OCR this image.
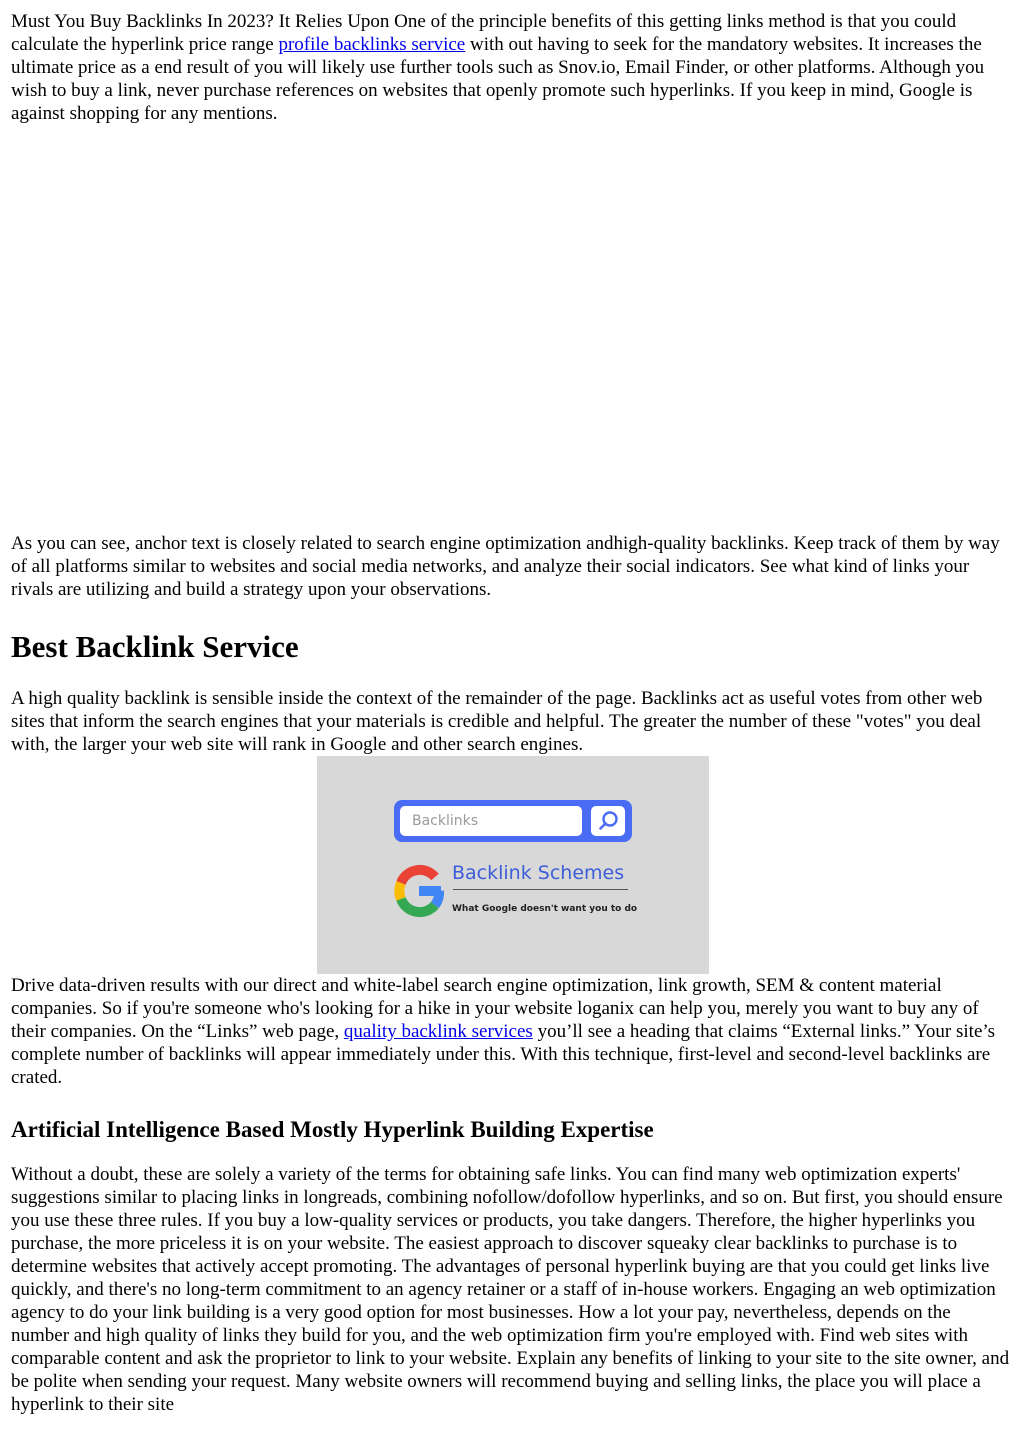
Must You Buy Backlinks In 2023? It Relies Upon One of the principle benefits of this getting links method is that you could calculate the hyperlink price range profile backlinks service with out having to seek for the mandatory websites. It increases the ultimate price as a end result of you will likely use further tools such as Snov.io, Email Finder, or other platforms. Although you wish to buy a link, never purchase references on websites that openly promote such hyperlinks. If you keep in mind, Google is against shopping for any mentions.

As you can see, anchor text is closely related to search engine optimization andhigh-quality backlinks. Keep track of them by way of all platforms similar to websites and social media networks, and analyze their social indicators. See what kind of links your rivals are utilizing and build a strategy upon your observations.

Best Backlink Service

A high quality backlink is sensible inside the context of the remainder of the page. Backlinks act as useful votes from other web sites that inform the search engines that your materials is credible and helpful. The greater the number of these "votes" you deal with, the larger your web site will rank in Google and other search engines.

Backlinks
Backlink Schemes
What Google doesn't want you to do

Drive data-driven results with our direct and white-label search engine optimization, link growth, SEM & content material companies. So if you're someone who's looking for a hike in your website loganix can help you, merely you want to buy any of their companies. On the “Links” web page, quality backlink services you’ll see a heading that claims “External links.” Your site’s complete number of backlinks will appear immediately under this. With this technique, first-level and second-level backlinks are crated.

Artificial Intelligence Based Mostly Hyperlink Building Expertise

Without a doubt, these are solely a variety of the terms for obtaining safe links. You can find many web optimization experts' suggestions similar to placing links in longreads, combining nofollow/dofollow hyperlinks, and so on. But first, you should ensure you use these three rules. If you buy a low-quality services or products, you take dangers. Therefore, the higher hyperlinks you purchase, the more priceless it is on your website. The easiest approach to discover squeaky clear backlinks to purchase is to determine websites that actively accept promoting. The advantages of personal hyperlink buying are that you could get links live quickly, and there's no long-term commitment to an agency retainer or a staff of in-house workers. Engaging an web optimization agency to do your link building is a very good option for most businesses. How a lot your pay, nevertheless, depends on the number and high quality of links they build for you, and the web optimization firm you're employed with. Find web sites with comparable content and ask the proprietor to link to your website. Explain any benefits of linking to your site to the site owner, and be polite when sending your request. Many website owners will recommend buying and selling links, the place you will place a hyperlink to their site
